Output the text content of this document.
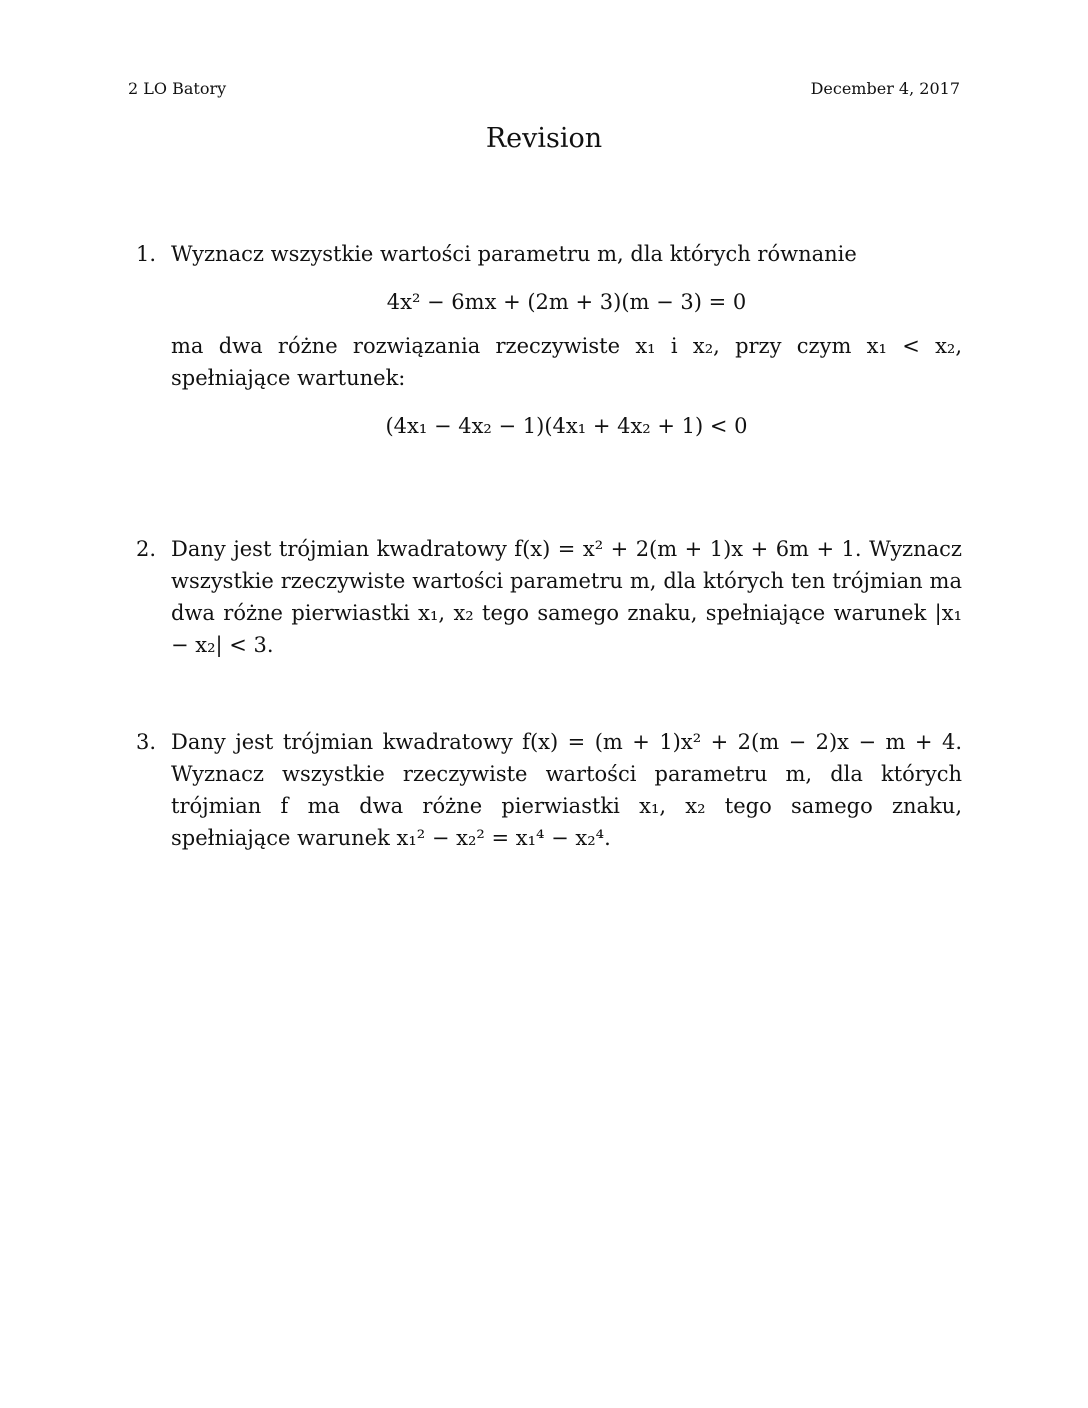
2 LO Batory	December 4, 2017
Revision
1. Wyznacz wszystkie wartości parametru m, dla których równanie

4x² − 6mx + (2m + 3)(m − 3) = 0

ma dwa różne rozwiązania rzeczywiste x₁ i x₂, przy czym x₁ < x₂, spełniające wartunek:

(4x₁ − 4x₂ − 1)(4x₁ + 4x₂ + 1) < 0
2. Dany jest trójmian kwadratowy f(x) = x² + 2(m + 1)x + 6m + 1. Wyznacz wszystkie rzeczywiste wartości parametru m, dla których ten trójmian ma dwa różne pierwiastki x₁, x₂ tego samego znaku, spełniające warunek |x₁ − x₂| < 3.

3. Dany jest trójmian kwadratowy f(x) = (m + 1)x² + 2(m − 2)x − m + 4. Wyznacz wszystkie rzeczywiste wartości parametru m, dla których trójmian f ma dwa różne pierwiastki x₁, x₂ tego samego znaku, spełniające warunek x₁² − x₂² = x₁⁴ − x₂⁴.
